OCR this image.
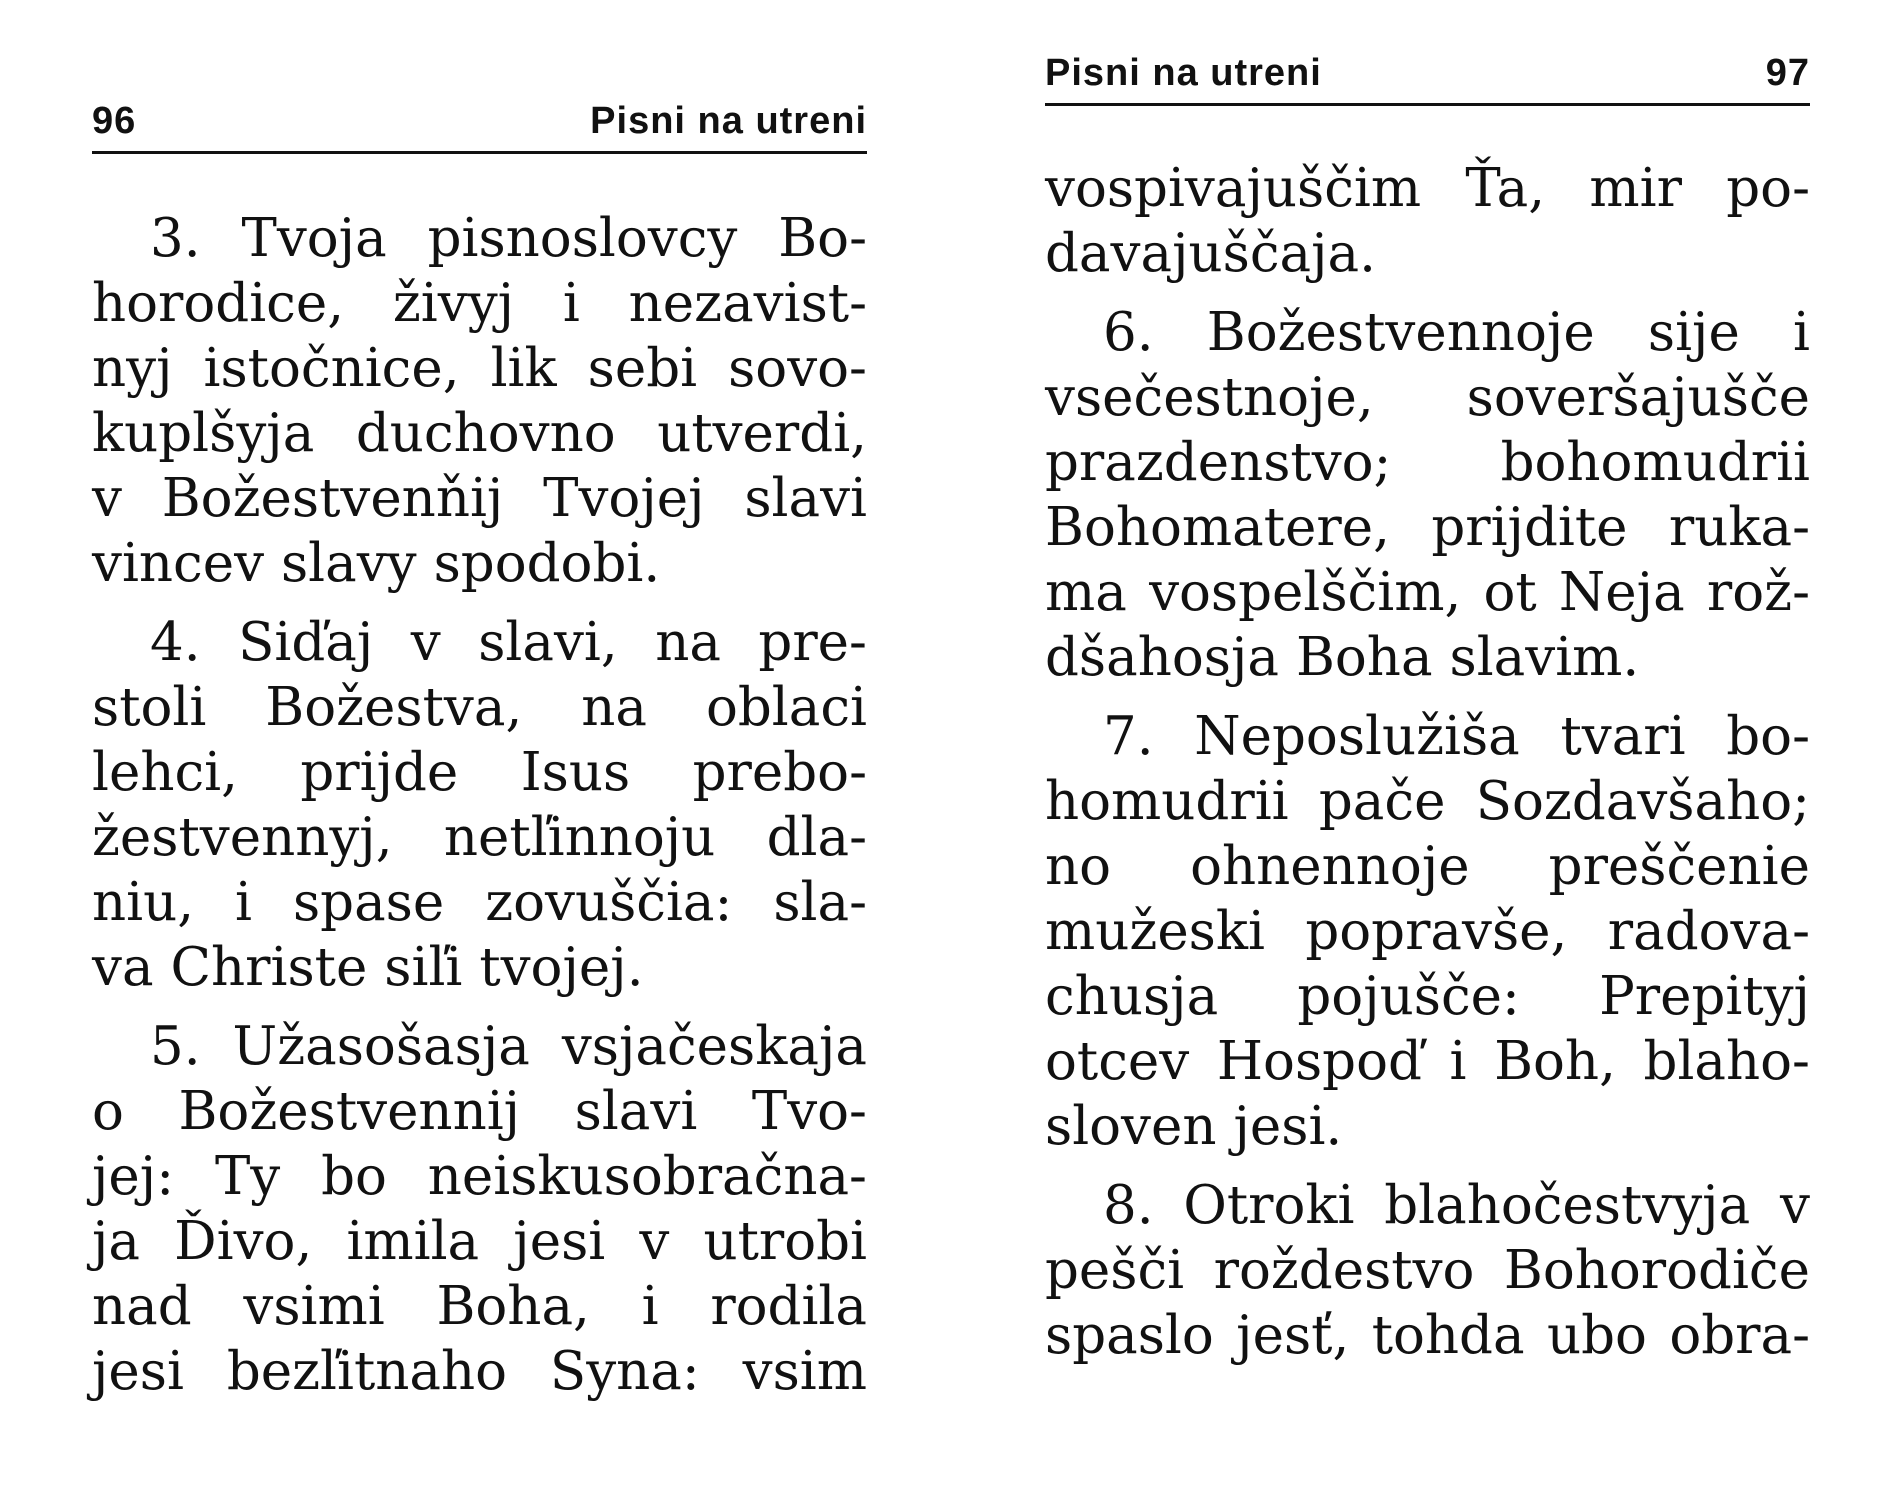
96	Pisni na utreni
3. Tvoja pisnoslovcy Bo-
horodice, živyj i nezavist-
nyj istočnice, lik sebi sovo-
kuplšyja duchovno utverdi,
v Božestvenňij Tvojej slavi
vincev slavy spodobi.
4. Siďaj v slavi, na pre-
stoli Božestva, na oblaci
lehci, prijde Isus prebo-
žestvennyj, netľinnoju dla-
niu, i spase zovuščia: sla-
va Christe siľi tvojej.
5. Užasošasja vsjačeskaja
o Božestvennij slavi Tvo-
jej: Ty bo neiskusobračna-
ja Ďivo, imila jesi v utrobi
nad vsimi Boha, i rodila
jesi bezľitnaho Syna: vsim
Pisni na utreni	97
vospivajuščim Ťa, mir po-
davajuščaja.
6. Božestvennoje sije i
vsečestnoje, soveršajušče
prazdenstvo; bohomudrii
Bohomatere, prijdite ruka-
ma vospelščim, ot Neja rož-
dšahosja Boha slavim.
7. Neposlužiša tvari bo-
homudrii pače Sozdavšaho;
no ohnennoje preščenie
mužeski popravše, radova-
chusja pojušče: Prepityj
otcev Hospoď i Boh, blaho-
sloven jesi.
8. Otroki blahočestvyja v
pešči roždestvo Bohorodiče
spaslo jesť, tohda ubo obra-
